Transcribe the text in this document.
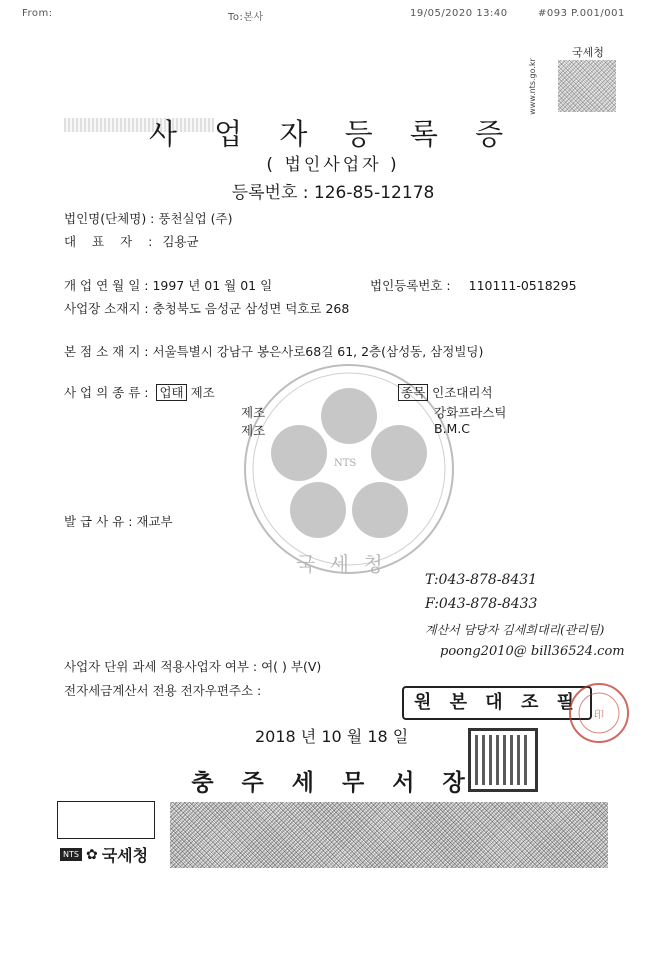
From:	To:본사	19/05/2020 13:40	#093 P.001/001
국세청
www.nts.go.kr
사 업 자 등 록 증
( 법인사업자 )
등록번호 : 126-85-12178
NTS
국 세 청
법인명(단체명) : 풍천실업 (주)
대 표 자 : 김용균
개 업 연 월 일 : 1997 년 01 월 01 일	법인등록번호 : 110111-0518295
사업장 소재지 : 충청북도 음성군 삼성면 덕호로 268
본 점 소 재 지 : 서울특별시 강남구 봉은사로68길 61, 2층(삼성동, 삼정빌딩)
사 업 의 종 류 : 업태 제조
제조
제조
종목 인조대리석
강화프라스틱
B.M.C
발 급 사 유 : 재교부
T:043-878-8431
F:043-878-8433
계산서 담당자 김세희대리(관리팀)
poong2010@ bill36524.com
사업자 단위 과세 적용사업자 여부 : 여( ) 부(V)
전자세금계산서 전용 전자우편주소 :
원 본 대 조 필
印
2018 년 10 월 18 일
충 주 세 무 서 장
NTS ✿ 국세청
